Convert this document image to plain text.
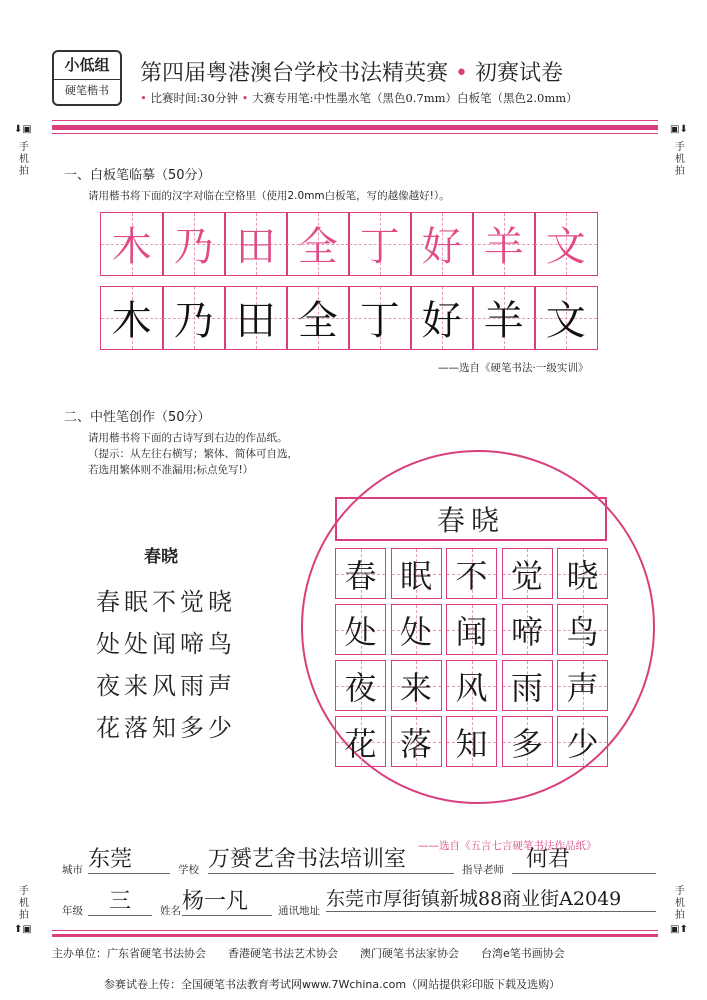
小低组
硬笔楷书
第四届粤港澳台学校书法精英赛 • 初赛试卷
• 比赛时间:30分钟 • 大赛专用笔:中性墨水笔（黑色0.7mm）白板笔（黑色2.0mm）
⬇▣
手机拍
▣⬇
手机拍
手机拍
⬆▣
手机拍
▣⬆
一、白板笔临摹（50分）
请用楷书将下面的汉字对临在空格里（使用2.0mm白板笔，写的越像越好!）。
木 乃 田 全 丁 好 羊 文
木 乃 田 全 丁 好 羊 文
——选自《硬笔书法·一级实训》
二、中性笔创作（50分）
请用楷书将下面的古诗写到右边的作品纸。
（提示：从左往右横写；繁体、简体可自选，
若选用繁体则不准漏用;标点免写!）
春晓
春眠不觉晓
处处闻啼鸟
夜来风雨声
花落知多少
春晓
春 眠 不 觉 晓
处 处 闻 啼 鸟
夜 来 风 雨 声
花 落 知 多 少
——选自《五言七言硬笔书法作品纸》
城市 东莞	学校 万赟艺舍书法培训室	指导老师	何君
年级	三	姓名 杨一凡	通讯地址
东莞市厚街镇新城88商业街A2049
主办单位：广东省硬笔书法协会　　香港硬笔书法艺术协会　　澳门硬笔书法家协会　　台湾e笔书画协会
参赛试卷上传：全国硬笔书法教育考试网www.7Wchina.com（网站提供彩印版下载及选购）
